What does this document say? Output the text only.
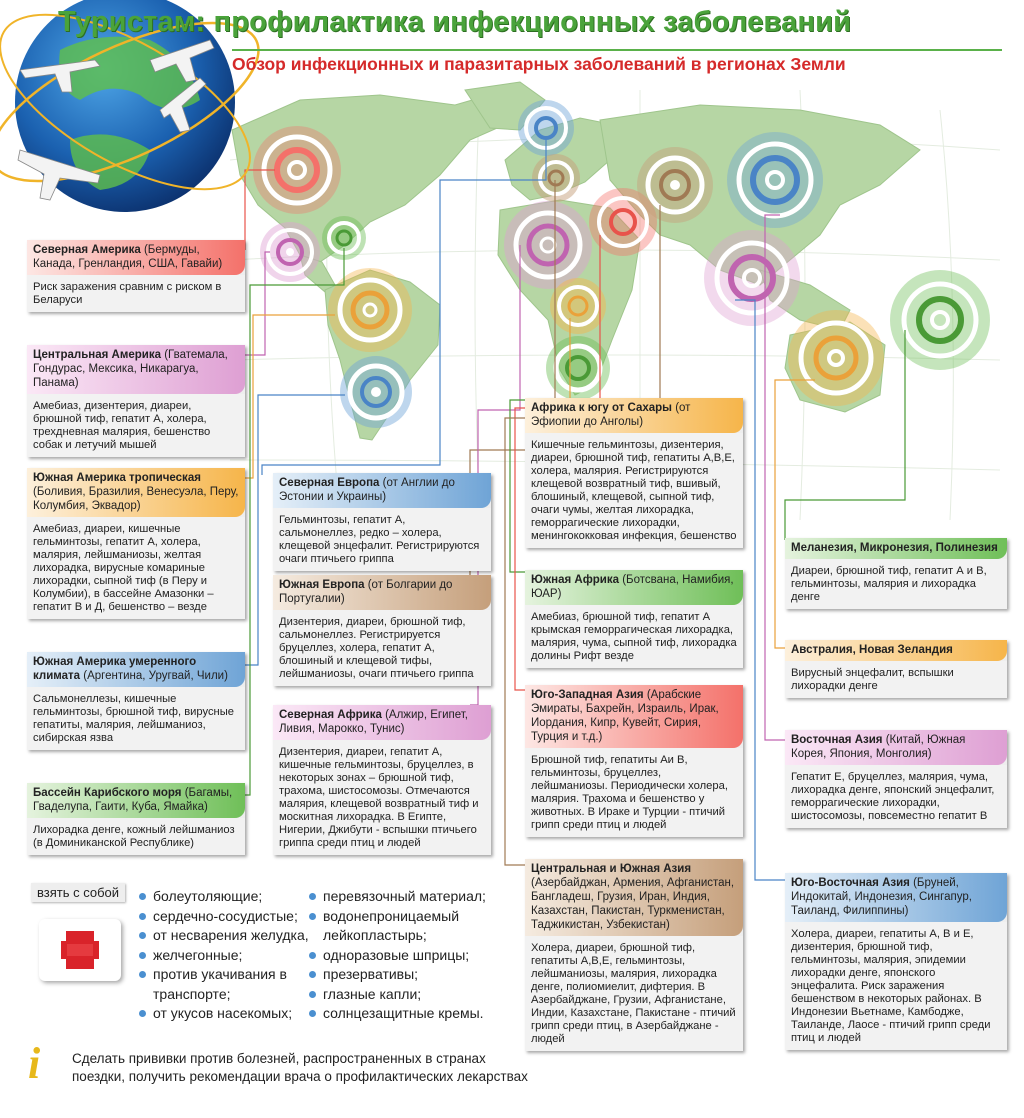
Туристам: профилактика инфекционных заболеваний
Обзор инфекционных и паразитарных заболеваний в регионах Земли
Северная Америка (Бермуды, Канада, Гренландия, США, Гавайи)
Риск заражения сравним с риском в Беларуси
Центральная Америка (Гватемала, Гондурас, Мексика, Никарагуа, Панама)
Амебиаз, дизентерия, диареи, брюшной тиф, гепатит А, холера, трехдневная малярия, бешенство собак и летучий мышей
Южная Америка тропическая (Боливия, Бразилия, Венесуэла, Перу, Колумбия, Эквадор)
Амебиаз, диареи, кишечные гельминтозы, гепатит А, холера, малярия, лейшманиозы, желтая лихорадка, вирусные комариные лихорадки, сыпной тиф (в Перу и Колумбии), в бассейне Амазонки – гепатит В и Д, бешенство – везде
Южная Америка умеренного климата (Аргентина, Уругвай, Чили)
Сальмонеллезы, кишечные гельминтозы, брюшной тиф, вирусные гепатиты, малярия, лейшманиоз, сибирская язва
Бассейн Карибского моря (Багамы, Гваделупа, Гаити, Куба, Ямайка)
Лихорадка денге, кожный лейшманиоз (в Доминиканской Республике)
Северная Европа (от Англии до Эстонии и Украины)
Гельминтозы, гепатит А, сальмонеллез, редко – холера, клещевой энцефалит. Регистрируются очаги птичьего гриппа
Южная Европа (от Болгарии до Португалии)
Дизентерия, диареи, брюшной тиф, сальмонеллез. Регистрируется бруцеллез, холера, гепатит А, блошиный и клещевой тифы, лейшманиозы, очаги птичьего гриппа
Северная Африка (Алжир, Египет, Ливия, Марокко, Тунис)
Дизентерия, диареи, гепатит А, кишечные гельминтозы, бруцеллез, в некоторых зонах – брюшной тиф, трахома, шистосомозы. Отмечаются малярия, клещевой возвратный тиф и москитная лихорадка. В Египте, Нигерии, Джибути - вспышки птичьего гриппа среди птиц и людей
Африка к югу от Сахары (от Эфиопии до Анголы)
Кишечные гельминтозы, дизентерия, диареи, брюшной тиф, гепатиты А,В,Е, холера, малярия. Регистрируются клещевой возвратный тиф, вшивый, блошиный, клещевой, сыпной тиф, очаги чумы, желтая лихорадка, геморрагические лихорадки, менингококковая инфекция, бешенство
Южная Африка (Ботсвана, Намибия, ЮАР)
Амебиаз, брюшной тиф, гепатит А крымская геморрагическая лихорадка, малярия, чума, сыпной тиф, лихорадка долины Рифт везде
Юго-Западная Азия (Арабские Эмираты, Бахрейн, Израиль, Ирак, Иордания, Кипр, Кувейт, Сирия, Турция и т.д.)
Брюшной тиф, гепатиты Аи В, гельминтозы, бруцеллез, лейшманиозы. Периодически холера, малярия. Трахома и бешенство у животных. В Ираке и Турции - птичий грипп среди птиц и людей
Центральная и Южная Азия (Азербайджан, Армения, Афганистан, Бангладеш, Грузия, Иран, Индия, Казахстан, Пакистан, Туркменистан, Таджикистан, Узбекистан)
Холера, диареи, брюшной тиф, гепатиты А,В,Е, гельминтозы, лейшманиозы, малярия, лихорадка денге, полиомиелит, дифтерия. В Азербайджане, Грузии, Афганистане, Индии, Казахстане, Пакистане - птичий грипп среди птиц, в Азербайджане - людей
Меланезия, Микронезия, Полинезия
Диареи, брюшной тиф, гепатит А и В, гельминтозы, малярия и лихорадка денге
Австралия, Новая Зеландия
Вирусный энцефалит, вспышки лихорадки денге
Восточная Азия (Китай, Южная Корея, Япония, Монголия)
Гепатит Е, бруцеллез, малярия, чума, лихорадка денге, японский энцефалит, геморрагические лихорадки, шистосомозы, повсеместно гепатит В
Юго-Восточная Азия (Бруней, Индокитай, Индонезия, Сингапур, Таиланд, Филиппины)
Холера, диареи, гепатиты А, В и Е, дизентерия, брюшной тиф, гельминтозы, малярия, эпидемии лихорадки денге, японского энцефалита. Риск заражения бешенством в некоторых районах. В Индонезии Вьетнаме, Камбодже, Таиланде, Лаосе - птичий грипп среди птиц и людей
взять с собой	болеутоляющие;
сердечно-сосудистые;
от несварения желудка,
желчегонные;
против укачивания в
транспорте;
от укусов насекомых;
перевязочный материал;
водонепроницаемый
лейкопластырь;
одноразовые шприцы;
презервативы;
глазные капли;
солнцезащитные кремы.
i Сделать прививки против болезней, распространенных в странах
поездки, получить рекомендации врача о профилактических лекарствах
